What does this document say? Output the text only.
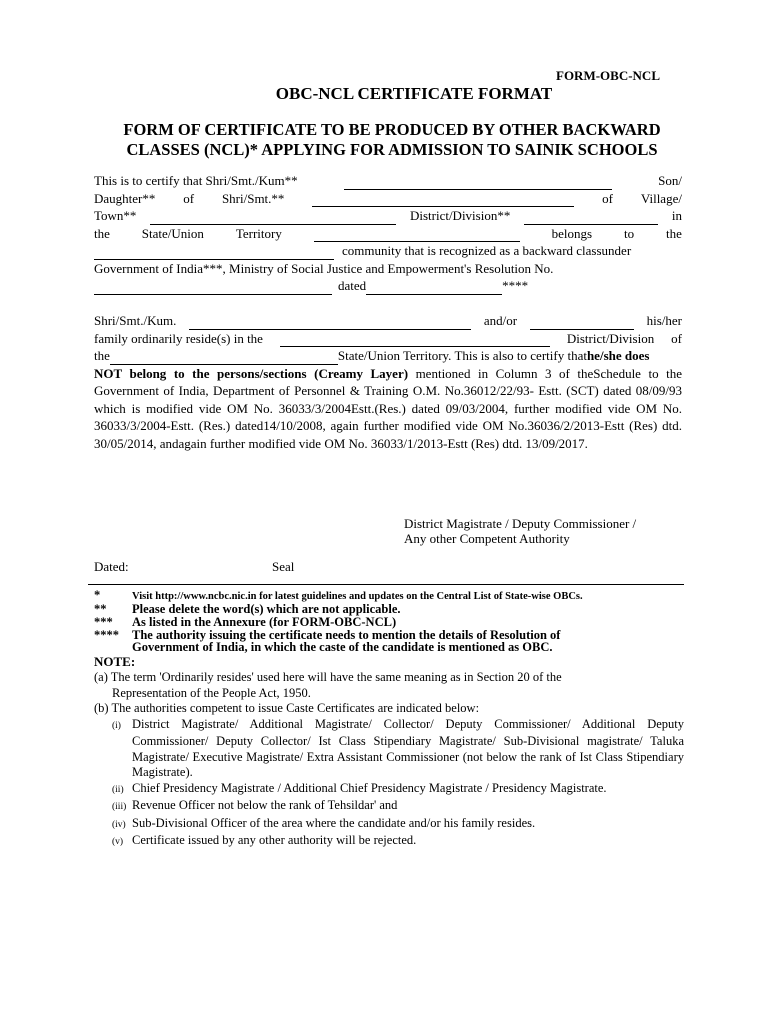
FORM-OBC-NCL
OBC-NCL CERTIFICATE FORMAT
FORM OF CERTIFICATE TO BE PRODUCED BY OTHER BACKWARD CLASSES (NCL)* APPLYING FOR ADMISSION TO SAINIK SCHOOLS
This is to certify that Shri/Smt./Kum**	Son/
Daughter** of Shri/Smt.**	of Village/
Town**	District/Division**	in
the State/Union Territory	belongs to the
community that is recognized as a backward classunder
Government of India***, Ministry of Social Justice and Empowerment's Resolution No.
dated	****
Shri/Smt./Kum.	and/or	his/her
family ordinarily reside(s) in the	District/Division of
the	State/Union Territory. This is also to certify that he/she does
NOT belong to the persons/sections (Creamy Layer) mentioned in Column 3 of theSchedule to the Government of India, Department of Personnel & Training O.M. No.36012/22/93- Estt. (SCT) dated 08/09/93 which is modified vide OM No. 36033/3/2004Estt.(Res.) dated 09/03/2004, further modified vide OM No. 36033/3/2004-Estt. (Res.) dated14/10/2008, again further modified vide OM No.36036/2/2013-Estt (Res) dtd. 30/05/2014, andagain further modified vide OM No. 36033/1/2013-Estt (Res) dtd. 13/09/2017.
District Magistrate / Deputy Commissioner /
Any other Competent Authority
Dated:	Seal
*	Visit http://www.ncbc.nic.in for latest guidelines and updates on the Central List of State-wise OBCs.
** Please delete the word(s) which are not applicable.
*** As listed in the Annexure (for FORM-OBC-NCL)
**** The authority issuing the certificate needs to mention the details of Resolution of
Government of India, in which the caste of the candidate is mentioned as OBC.
NOTE:
(a) The term 'Ordinarily resides' used here will have the same meaning as in Section 20 of the
Representation of the People Act, 1950.
(b) The authorities competent to issue Caste Certificates are indicated below:
(i) District Magistrate/ Additional Magistrate/ Collector/ Deputy Commissioner/ Additional Deputy Commissioner/ Deputy Collector/ Ist Class Stipendiary Magistrate/ Sub-Divisional magistrate/ Taluka Magistrate/ Executive Magistrate/ Extra Assistant Commissioner (not below the rank of Ist Class Stipendiary Magistrate).
(ii) Chief Presidency Magistrate / Additional Chief Presidency Magistrate / Presidency Magistrate.
(iii) Revenue Officer not below the rank of Tehsildar' and
(iv) Sub-Divisional Officer of the area where the candidate and/or his family resides.
(v) Certificate issued by any other authority will be rejected.
